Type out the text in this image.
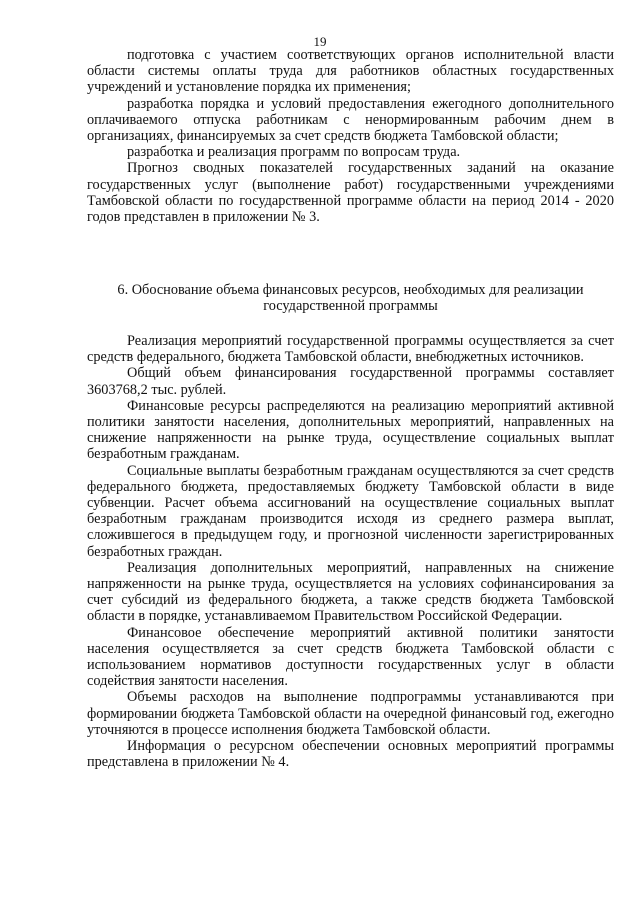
19

подготовка с участием соответствующих органов исполнительной власти области системы оплаты труда для работников областных государственных учреждений и установление порядка их применения;

разработка порядка и условий предоставления ежегодного дополнительного оплачиваемого отпуска работникам с ненормированным рабочим днем в организациях, финансируемых за счет средств бюджета Тамбовской области;

разработка и реализация программ по вопросам труда.

Прогноз сводных показателей государственных заданий на оказание государственных услуг (выполнение работ) государственными учреждениями Тамбовской области по государственной программе области на период 2014 - 2020 годов представлен в приложении № 3.

6. Обоснование объема финансовых ресурсов, необходимых для реализации

государственной программы

Реализация мероприятий государственной программы осуществляется за счет средств федерального, бюджета Тамбовской области, внебюджетных источников.

Общий объем финансирования государственной программы составляет 3603768,2 тыс. рублей.

Финансовые ресурсы распределяются на реализацию мероприятий активной политики занятости населения, дополнительных мероприятий, направленных на снижение напряженности на рынке труда, осуществление социальных выплат безработным гражданам.

Социальные выплаты безработным гражданам осуществляются за счет средств федерального бюджета, предоставляемых бюджету Тамбовской области в виде субвенции. Расчет объема ассигнований на осуществление социальных выплат безработным гражданам производится исходя из среднего размера выплат, сложившегося в предыдущем году, и прогнозной численности зарегистрированных безработных граждан.

Реализация дополнительных мероприятий, направленных на снижение напряженности на рынке труда, осуществляется на условиях софинансирования за счет субсидий из федерального бюджета, а также средств бюджета Тамбовской области в порядке, устанавливаемом Правительством Российской Федерации.

Финансовое обеспечение мероприятий активной политики занятости населения осуществляется за счет средств бюджета Тамбовской области с использованием нормативов доступности государственных услуг в области содействия занятости населения.

Объемы расходов на выполнение подпрограммы устанавливаются при формировании бюджета Тамбовской области на очередной финансовый год, ежегодно уточняются в процессе исполнения бюджета Тамбовской области.

Информация о ресурсном обеспечении основных мероприятий программы представлена в приложении № 4.
